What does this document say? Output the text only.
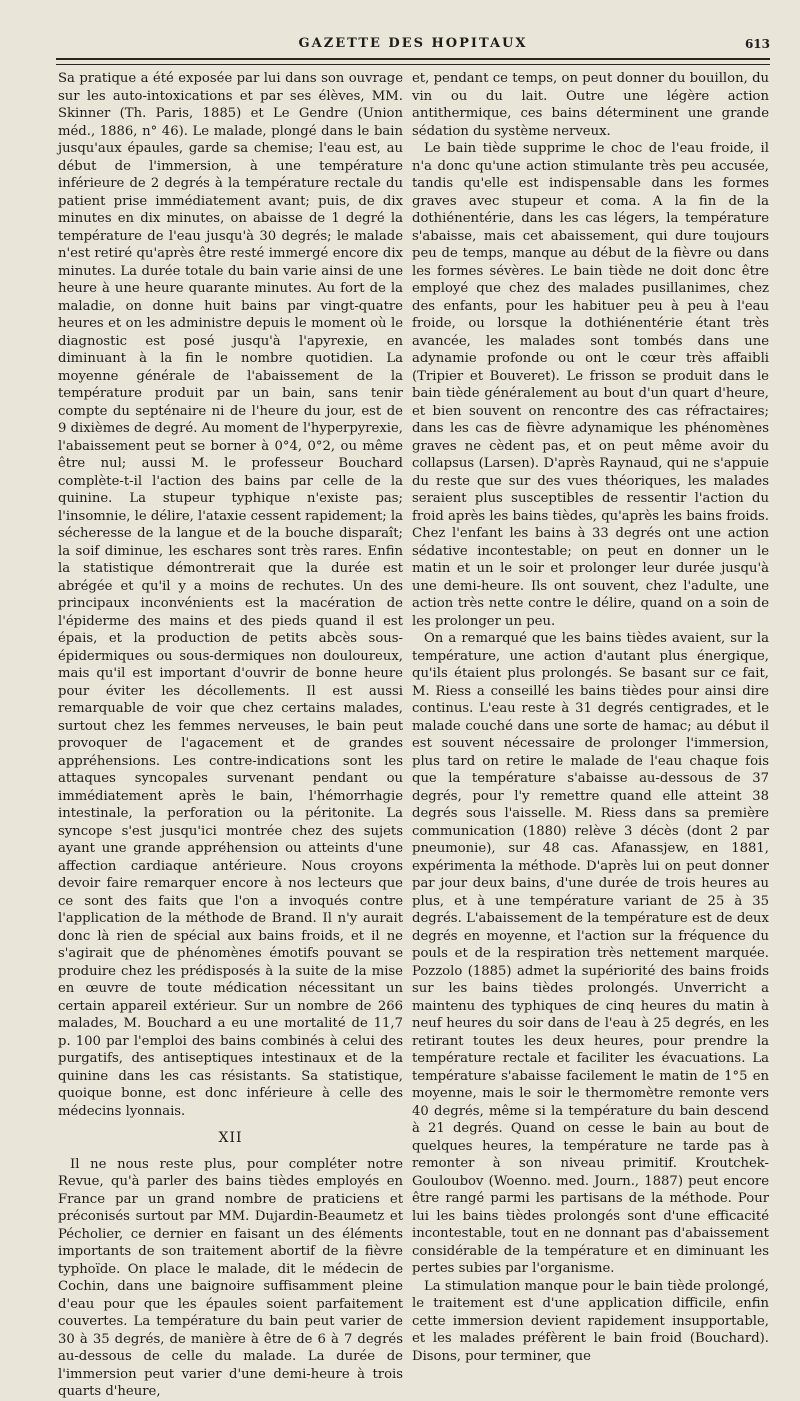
GAZETTE DES HOPITAUX	613

Sa pratique a été exposée par lui dans son ouvrage sur les auto-intoxications et par ses élèves, MM. Skinner (Th. Paris, 1885) et Le Gendre (Union méd., 1886, n° 46). Le malade, plongé dans le bain jusqu'aux épaules, garde sa chemise; l'eau est, au début de l'immersion, à une température inférieure de 2 degrés à la température rectale du patient prise immédiatement avant; puis, de dix minutes en dix minutes, on abaisse de 1 degré la température de l'eau jusqu'à 30 degrés; le malade n'est retiré qu'après être resté immergé encore dix minutes. La durée totale du bain varie ainsi de une heure à une heure quarante minutes. Au fort de la maladie, on donne huit bains par vingt-quatre heures et on les administre depuis le moment où le diagnostic est posé jusqu'à l'apyrexie, en diminuant à la fin le nombre quotidien. La moyenne générale de l'abaissement de la température produit par un bain, sans tenir compte du septénaire ni de l'heure du jour, est de 9 dixièmes de degré. Au moment de l'hyperpyrexie, l'abaissement peut se borner à 0°4, 0°2, ou même être nul; aussi M. le professeur Bouchard complète-t-il l'action des bains par celle de la quinine. La stupeur typhique n'existe pas; l'insomnie, le délire, l'ataxie cessent rapidement; la sécheresse de la langue et de la bouche disparaît; la soif diminue, les eschares sont très rares. Enfin la statistique démontrerait que la durée est abrégée et qu'il y a moins de rechutes. Un des principaux inconvénients est la macération de l'épiderme des mains et des pieds quand il est épais, et la production de petits abcès sous-épidermiques ou sous-dermiques non douloureux, mais qu'il est important d'ouvrir de bonne heure pour éviter les décollements. Il est aussi remarquable de voir que chez certains malades, surtout chez les femmes nerveuses, le bain peut provoquer de l'agacement et de grandes appréhensions. Les contre-indications sont les attaques syncopales survenant pendant ou immédiatement après le bain, l'hémorrhagie intestinale, la perforation ou la péritonite. La syncope s'est jusqu'ici montrée chez des sujets ayant une grande appréhension ou atteints d'une affection cardiaque antérieure. Nous croyons devoir faire remarquer encore à nos lecteurs que ce sont des faits que l'on a invoqués contre l'application de la méthode de Brand. Il n'y aurait donc là rien de spécial aux bains froids, et il ne s'agirait que de phénomènes émotifs pouvant se produire chez les prédisposés à la suite de la mise en œuvre de toute médication nécessitant un certain appareil extérieur. Sur un nombre de 266 malades, M. Bouchard a eu une mortalité de 11,7 p. 100 par l'emploi des bains combinés à celui des purgatifs, des antiseptiques intestinaux et de la quinine dans les cas résistants. Sa statistique, quoique bonne, est donc inférieure à celle des médecins lyonnais.

XII

Il ne nous reste plus, pour compléter notre Revue, qu'à parler des bains tièdes employés en France par un grand nombre de praticiens et préconisés surtout par MM. Dujardin-Beaumetz et Pécholier, ce dernier en faisant un des éléments importants de son traitement abortif de la fièvre typhoïde. On place le malade, dit le médecin de Cochin, dans une baignoire suffisamment pleine d'eau pour que les épaules soient parfaitement couvertes. La température du bain peut varier de 30 à 35 degrés, de manière à être de 6 à 7 degrés au-dessous de celle du malade. La durée de l'immersion peut varier d'une demi-heure à trois quarts d'heure,

et, pendant ce temps, on peut donner du bouillon, du vin ou du lait. Outre une légère action antithermique, ces bains déterminent une grande sédation du système nerveux.

Le bain tiède supprime le choc de l'eau froide, il n'a donc qu'une action stimulante très peu accusée, tandis qu'elle est indispensable dans les formes graves avec stupeur et coma. A la fin de la dothiénentérie, dans les cas légers, la température s'abaisse, mais cet abaissement, qui dure toujours peu de temps, manque au début de la fièvre ou dans les formes sévères. Le bain tiède ne doit donc être employé que chez des malades pusillanimes, chez des enfants, pour les habituer peu à peu à l'eau froide, ou lorsque la dothiénentérie étant très avancée, les malades sont tombés dans une adynamie profonde ou ont le cœur très affaibli (Tripier et Bouveret). Le frisson se produit dans le bain tiède généralement au bout d'un quart d'heure, et bien souvent on rencontre des cas réfractaires; dans les cas de fièvre adynamique les phénomènes graves ne cèdent pas, et on peut même avoir du collapsus (Larsen). D'après Raynaud, qui ne s'appuie du reste que sur des vues théoriques, les malades seraient plus susceptibles de ressentir l'action du froid après les bains tièdes, qu'après les bains froids. Chez l'enfant les bains à 33 degrés ont une action sédative incontestable; on peut en donner un le matin et un le soir et prolonger leur durée jusqu'à une demi-heure. Ils ont souvent, chez l'adulte, une action très nette contre le délire, quand on a soin de les prolonger un peu.

On a remarqué que les bains tièdes avaient, sur la température, une action d'autant plus énergique, qu'ils étaient plus prolongés. Se basant sur ce fait, M. Riess a conseillé les bains tièdes pour ainsi dire continus. L'eau reste à 31 degrés centigrades, et le malade couché dans une sorte de hamac; au début il est souvent nécessaire de prolonger l'immersion, plus tard on retire le malade de l'eau chaque fois que la température s'abaisse au-dessous de 37 degrés, pour l'y remettre quand elle atteint 38 degrés sous l'aisselle. M. Riess dans sa première communication (1880) relève 3 décès (dont 2 par pneumonie), sur 48 cas. Afanassjew, en 1881, expérimenta la méthode. D'après lui on peut donner par jour deux bains, d'une durée de trois heures au plus, et à une température variant de 25 à 35 degrés. L'abaissement de la température est de deux degrés en moyenne, et l'action sur la fréquence du pouls et de la respiration très nettement marquée. Pozzolo (1885) admet la supériorité des bains froids sur les bains tièdes prolongés. Unverricht a maintenu des typhiques de cinq heures du matin à neuf heures du soir dans de l'eau à 25 degrés, en les retirant toutes les deux heures, pour prendre la température rectale et faciliter les évacuations. La température s'abaisse facilement le matin de 1°5 en moyenne, mais le soir le thermomètre remonte vers 40 degrés, même si la température du bain descend à 21 degrés. Quand on cesse le bain au bout de quelques heures, la température ne tarde pas à remonter à son niveau primitif. Kroutchek-Gouloubov (Woenno. med. Journ., 1887) peut encore être rangé parmi les partisans de la méthode. Pour lui les bains tièdes prolongés sont d'une efficacité incontestable, tout en ne donnant pas d'abaissement considérable de la température et en diminuant les pertes subies par l'organisme.

La stimulation manque pour le bain tiède prolongé, le traitement est d'une application difficile, enfin cette immersion devient rapidement insupportable, et les malades préfèrent le bain froid (Bouchard). Disons, pour terminer, que
